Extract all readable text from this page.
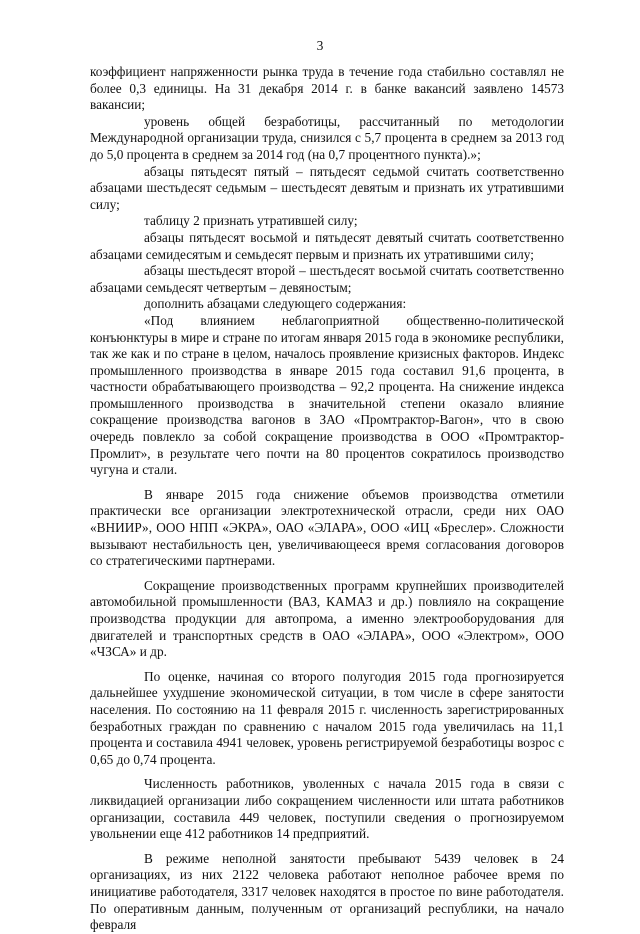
3

коэффициент напряженности рынка труда в течение года стабильно составлял не более 0,3 единицы. На 31 декабря 2014 г. в банке вакансий заявлено 14573 вакансии;

уровень общей безработицы, рассчитанный по методологии Международной организации труда, снизился с 5,7 процента в среднем за 2013 год до 5,0 процента в среднем за 2014 год (на 0,7 процентного пункта).»;

абзацы пятьдесят пятый – пятьдесят седьмой считать соответственно абзацами шестьдесят седьмым – шестьдесят девятым и признать их утратившими силу;

таблицу 2 признать утратившей силу;

абзацы пятьдесят восьмой и пятьдесят девятый считать соответственно абзацами семидесятым и семьдесят первым и признать их утратившими силу;

абзацы шестьдесят второй – шестьдесят восьмой считать соответственно абзацами семьдесят четвертым – девяностым;

дополнить абзацами следующего содержания:

«Под влиянием неблагоприятной общественно-политической конъюнктуры в мире и стране по итогам января 2015 года в экономике республики, так же как и по стране в целом, началось проявление кризисных факторов. Индекс промышленного производства в январе 2015 года составил 91,6 процента, в частности обрабатывающего производства – 92,2 процента. На снижение индекса промышленного производства в значительной степени оказало влияние сокращение производства вагонов в ЗАО «Промтрактор-Вагон», что в свою очередь повлекло за собой сокращение производства в ООО «Промтрактор-Промлит», в результате чего почти на 80 процентов сократилось производство чугуна и стали.

В январе 2015 года снижение объемов производства отметили практически все организации электротехнической отрасли, среди них ОАО «ВНИИР», ООО НПП «ЭКРА», ОАО «ЭЛАРА», ООО «ИЦ «Бреслер». Сложности вызывают нестабильность цен, увеличивающееся время согласования договоров со стратегическими партнерами.

Сокращение производственных программ крупнейших производителей автомобильной промышленности (ВАЗ, КАМАЗ и др.) повлияло на сокращение производства продукции для автопрома, а именно электрооборудования для двигателей и транспортных средств в ОАО «ЭЛАРА», ООО «Электром», ООО «ЧЗСА» и др.

По оценке, начиная со второго полугодия 2015 года прогнозируется дальнейшее ухудшение экономической ситуации, в том числе в сфере занятости населения. По состоянию на 11 февраля 2015 г. численность зарегистрированных безработных граждан по сравнению с началом 2015 года увеличилась на 11,1 процента и составила 4941 человек, уровень регистрируемой безработицы возрос с 0,65 до 0,74 процента.

Численность работников, уволенных с начала 2015 года в связи с ликвидацией организации либо сокращением численности или штата работников организации, составила 449 человек, поступили сведения о прогнозируемом увольнении еще 412 работников 14 предприятий.

В режиме неполной занятости пребывают 5439 человек в 24 организациях, из них 2122 человека работают неполное рабочее время по инициативе работодателя, 3317 человек находятся в простое по вине работодателя. По оперативным данным, полученным от организаций республики, на начало февраля
